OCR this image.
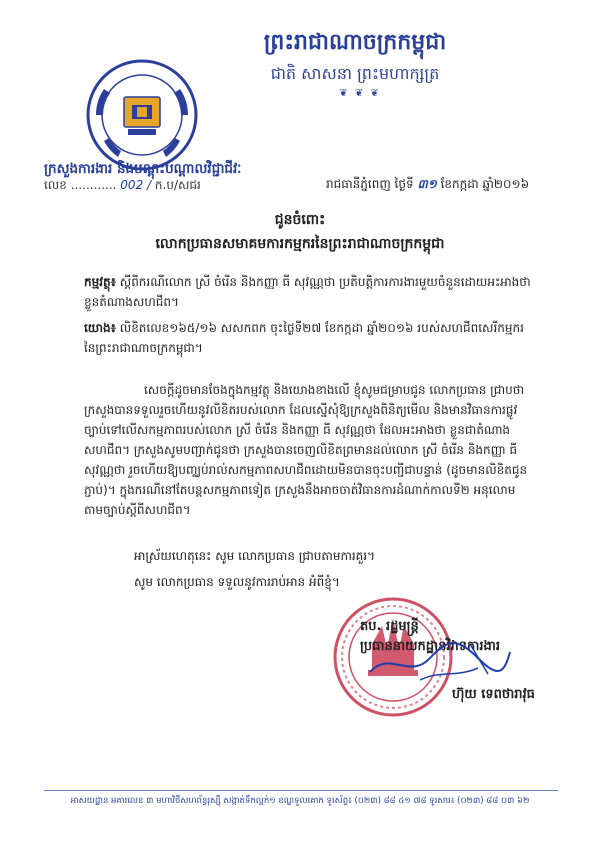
ព្រះរាជាណាចក្រកម្ពុជា
ជាតិ សាសនា ព្រះមហាក្សត្រ
❦ ❦ ❦
ក្រសួងការងារ និងបណ្តុះបណ្តាលវិជ្ជាជីវៈ
លេខ ............ 002 / ក.ប/សជរ	រាជធានីភ្នំពេញ ថ្ងៃទី ៣១ ខែកក្កដា ឆ្នាំ២០១៦
ជូនចំពោះ
លោកប្រធានសមាគមការកម្មករនៃព្រះរាជាណាចក្រកម្ពុជា
កម្មវត្ថុ៖ ស្តីពីករណីលោក ស្រី ចំរើន និងកញ្ញា ធី សុវណ្ណថា ប្រតិបត្តិការការងារមួយចំនួនដោយអះអាងថាខ្លួនតំណាងសហជីព។
យោង៖ លិខិតលេខ១៦៥/១៦ សសកពក ចុះថ្ងៃទី២៧ ខែកក្កដា ឆ្នាំ២០១៦ របស់សហជីពសេរីកម្មករនៃព្រះរាជាណាចក្រកម្ពុជា។
សេចក្តីដូចមានចែងក្នុងកម្មវត្ថុ និងយោងខាងលើ ខ្ញុំសូមជម្រាបជូន លោកប្រធាន ជ្រាបថា ក្រសួងបានទទួលរួចហើយនូវលិខិតរបស់លោក ដែលស្នើសុំឱ្យក្រសួងពិនិត្យមើល និងមានវិធានការផ្លូវច្បាប់ទៅលើសកម្មភាពរបស់លោក ស្រី ចំរើន និងកញ្ញា ធី សុវណ្ណថា ដែលអះអាងថា ខ្លួនជាតំណាងសហជីព។ ក្រសួងសូមបញ្ជាក់ជូនថា ក្រសួងបានចេញលិខិតព្រមានដល់លោក ស្រី ចំរើន និងកញ្ញា ធី សុវណ្ណថា រួចហើយឱ្យបញ្ឈប់រាល់សកម្មភាពសហជីពដោយមិនបានចុះបញ្ជីជាបន្ទាន់ (ដូចមានលិខិតជូនភ្ជាប់)។ ក្នុងករណីនៅតែបន្តសកម្មភាពទៀត ក្រសួងនឹងអាចចាត់វិធានការដំណាក់កាលទី២ អនុលោមតាមច្បាប់ស្តីពីសហជីព។
អាស្រ័យហេតុនេះ សូម លោកប្រធាន ជ្រាបតាមការគួរ។
សូម លោកប្រធាន ទទួលនូវការរាប់អាន អំពីខ្ញុំ។
តប. រដ្ឋមន្ត្រី
ប្រធាននាយកដ្ឋានវិវាទការងារ
ហ៊ុយ ទេពថារាវុធ
អាសយដ្ឋាន អគារលេខ ៣ មហាវិថីសហព័ន្ធរុស្ស៊ី សង្កាត់ទឹកល្អក់១ ខណ្ឌទួលគោក ទូរស័ព្ទ៖ (០២៣) ៨៨ ៤១ ៧៨ ទូរសារ៖ (០២៣) ៨៨ ០៣ ៦២
